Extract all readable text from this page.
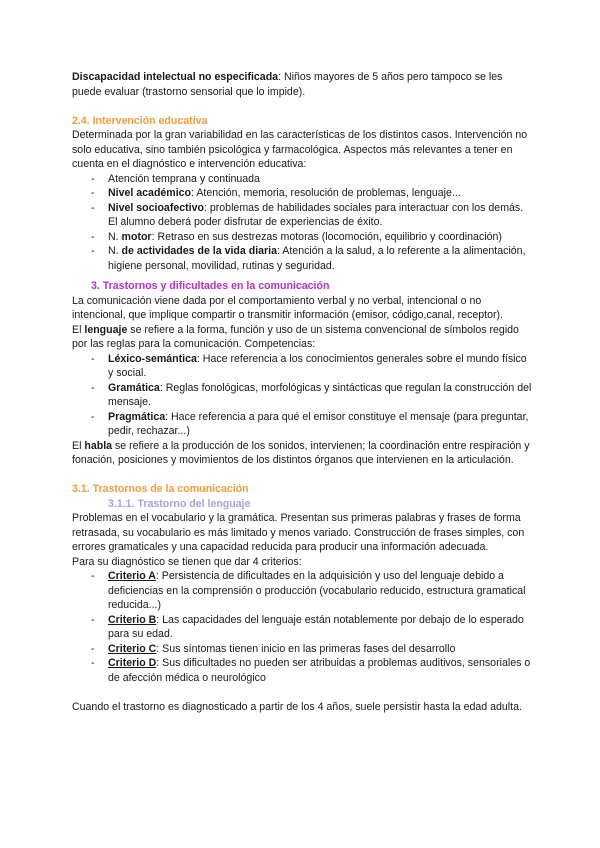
Discapacidad intelectual no especificada: Niños mayores de 5 años pero tampoco se les puede evaluar (trastorno sensorial que lo impide).

2.4. Intervención educativa

Determinada por la gran variabilidad en las características de los distintos casos. Intervención no solo educativa, sino también psicológica y farmacológica. Aspectos más relevantes a tener en cuenta en el diagnóstico e intervención educativa:

- Atención temprana y continuada
- Nivel académico: Atención, memoria, resolución de problemas, lenguaje...
- Nivel socioafectivo: problemas de habilidades sociales para interactuar con los demás. El alumno deberá poder disfrutar de experiencias de éxito.
- N. motor: Retraso en sus destrezas motoras (locomoción, equilibrio y coordinación)
- N. de actividades de la vida diaria: Atención a la salud, a lo referente a la alimentación, higiene personal, movilidad, rutinas y seguridad.

3. Trastornos y dificultades en la comunicación

La comunicación viene dada por el comportamiento verbal y no verbal, intencional o no intencional, que implique compartir o transmitir información (emisor, código,canal, receptor).

El lenguaje se refiere a la forma, función y uso de un sistema convencional de símbolos regido por las reglas para la comunicación. Competencias:

- Léxico-semántica: Hace referencia a los conocimientos generales sobre el mundo físico y social.
- Gramática: Reglas fonológicas, morfológicas y sintácticas que regulan la construcción del mensaje.
- Pragmática: Hace referencia a para qué el emisor constituye el mensaje (para preguntar, pedir, rechazar...)

El habla se refiere a la producción de los sonidos, intervienen; la coordinación entre respiración y fonación, posiciones y movimientos de los distintos órganos que intervienen en la articulación.

3.1. Trastornos de la comunicación

3.1.1. Trastorno del lenguaje

Problemas en el vocabulario y la gramática. Presentan sus primeras palabras y frases de forma retrasada, su vocabulario es más limitado y menos variado. Construcción de frases simples, con errores gramaticales y una capacidad reducida para producir una información adecuada.

Para su diagnóstico se tienen que dar 4 criterios:

- Criterio A: Persistencia de dificultades en la adquisición y uso del lenguaje debido a deficiencias en la comprensión o producción (vocabulario reducido, estructura gramatical reducida...)
- Criterio B: Las capacidades del lenguaje están notablemente por debajo de lo esperado para su edad.
- Criterio C: Sus síntomas tienen inicio en las primeras fases del desarrollo
- Criterio D: Sus dificultades no pueden ser atribuidas a problemas auditivos, sensoriales o de afección médica o neurológico

Cuando el trastorno es diagnosticado a partir de los 4 años, suele persistir hasta la edad adulta.
